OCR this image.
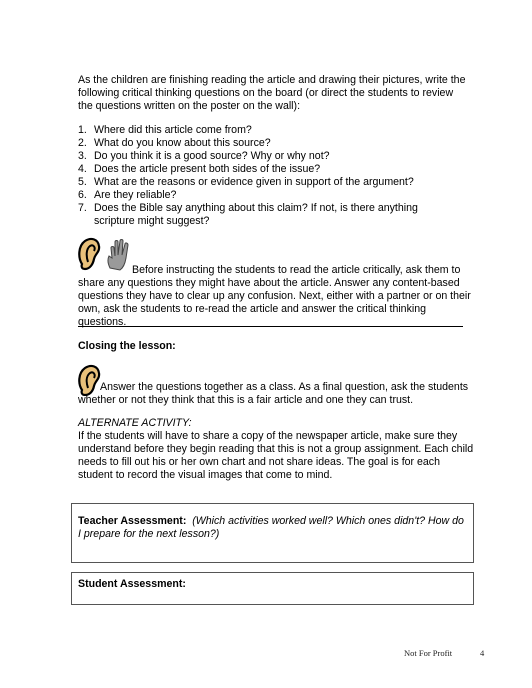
As the children are finishing reading the article and drawing their pictures, write the following critical thinking questions on the board (or direct the students to review the questions written on the poster on the wall):

1. Where did this article come from?
2. What do you know about this source?
3. Do you think it is a good source? Why or why not?
4. Does the article present both sides of the issue?
5. What are the reasons or evidence given in support of the argument?
6. Are they reliable?
7. Does the Bible say anything about this claim? If not, is there anything scripture might suggest?

Before instructing the students to read the article critically, ask them to share any questions they might have about the article. Answer any content-based questions they have to clear up any confusion. Next, either with a partner or on their own, ask the students to re-read the article and answer the critical thinking questions.

Closing the lesson:

Answer the questions together as a class. As a final question, ask the students whether or not they think that this is a fair article and one they can trust.

ALTERNATE ACTIVITY:

If the students will have to share a copy of the newspaper article, make sure they understand before they begin reading that this is not a group assignment. Each child needs to fill out his or her own chart and not share ideas. The goal is for each student to record the visual images that come to mind.

Teacher Assessment: (Which activities worked well? Which ones didn't? How do I prepare for the next lesson?)
Student Assessment:
Not For Profit	4
